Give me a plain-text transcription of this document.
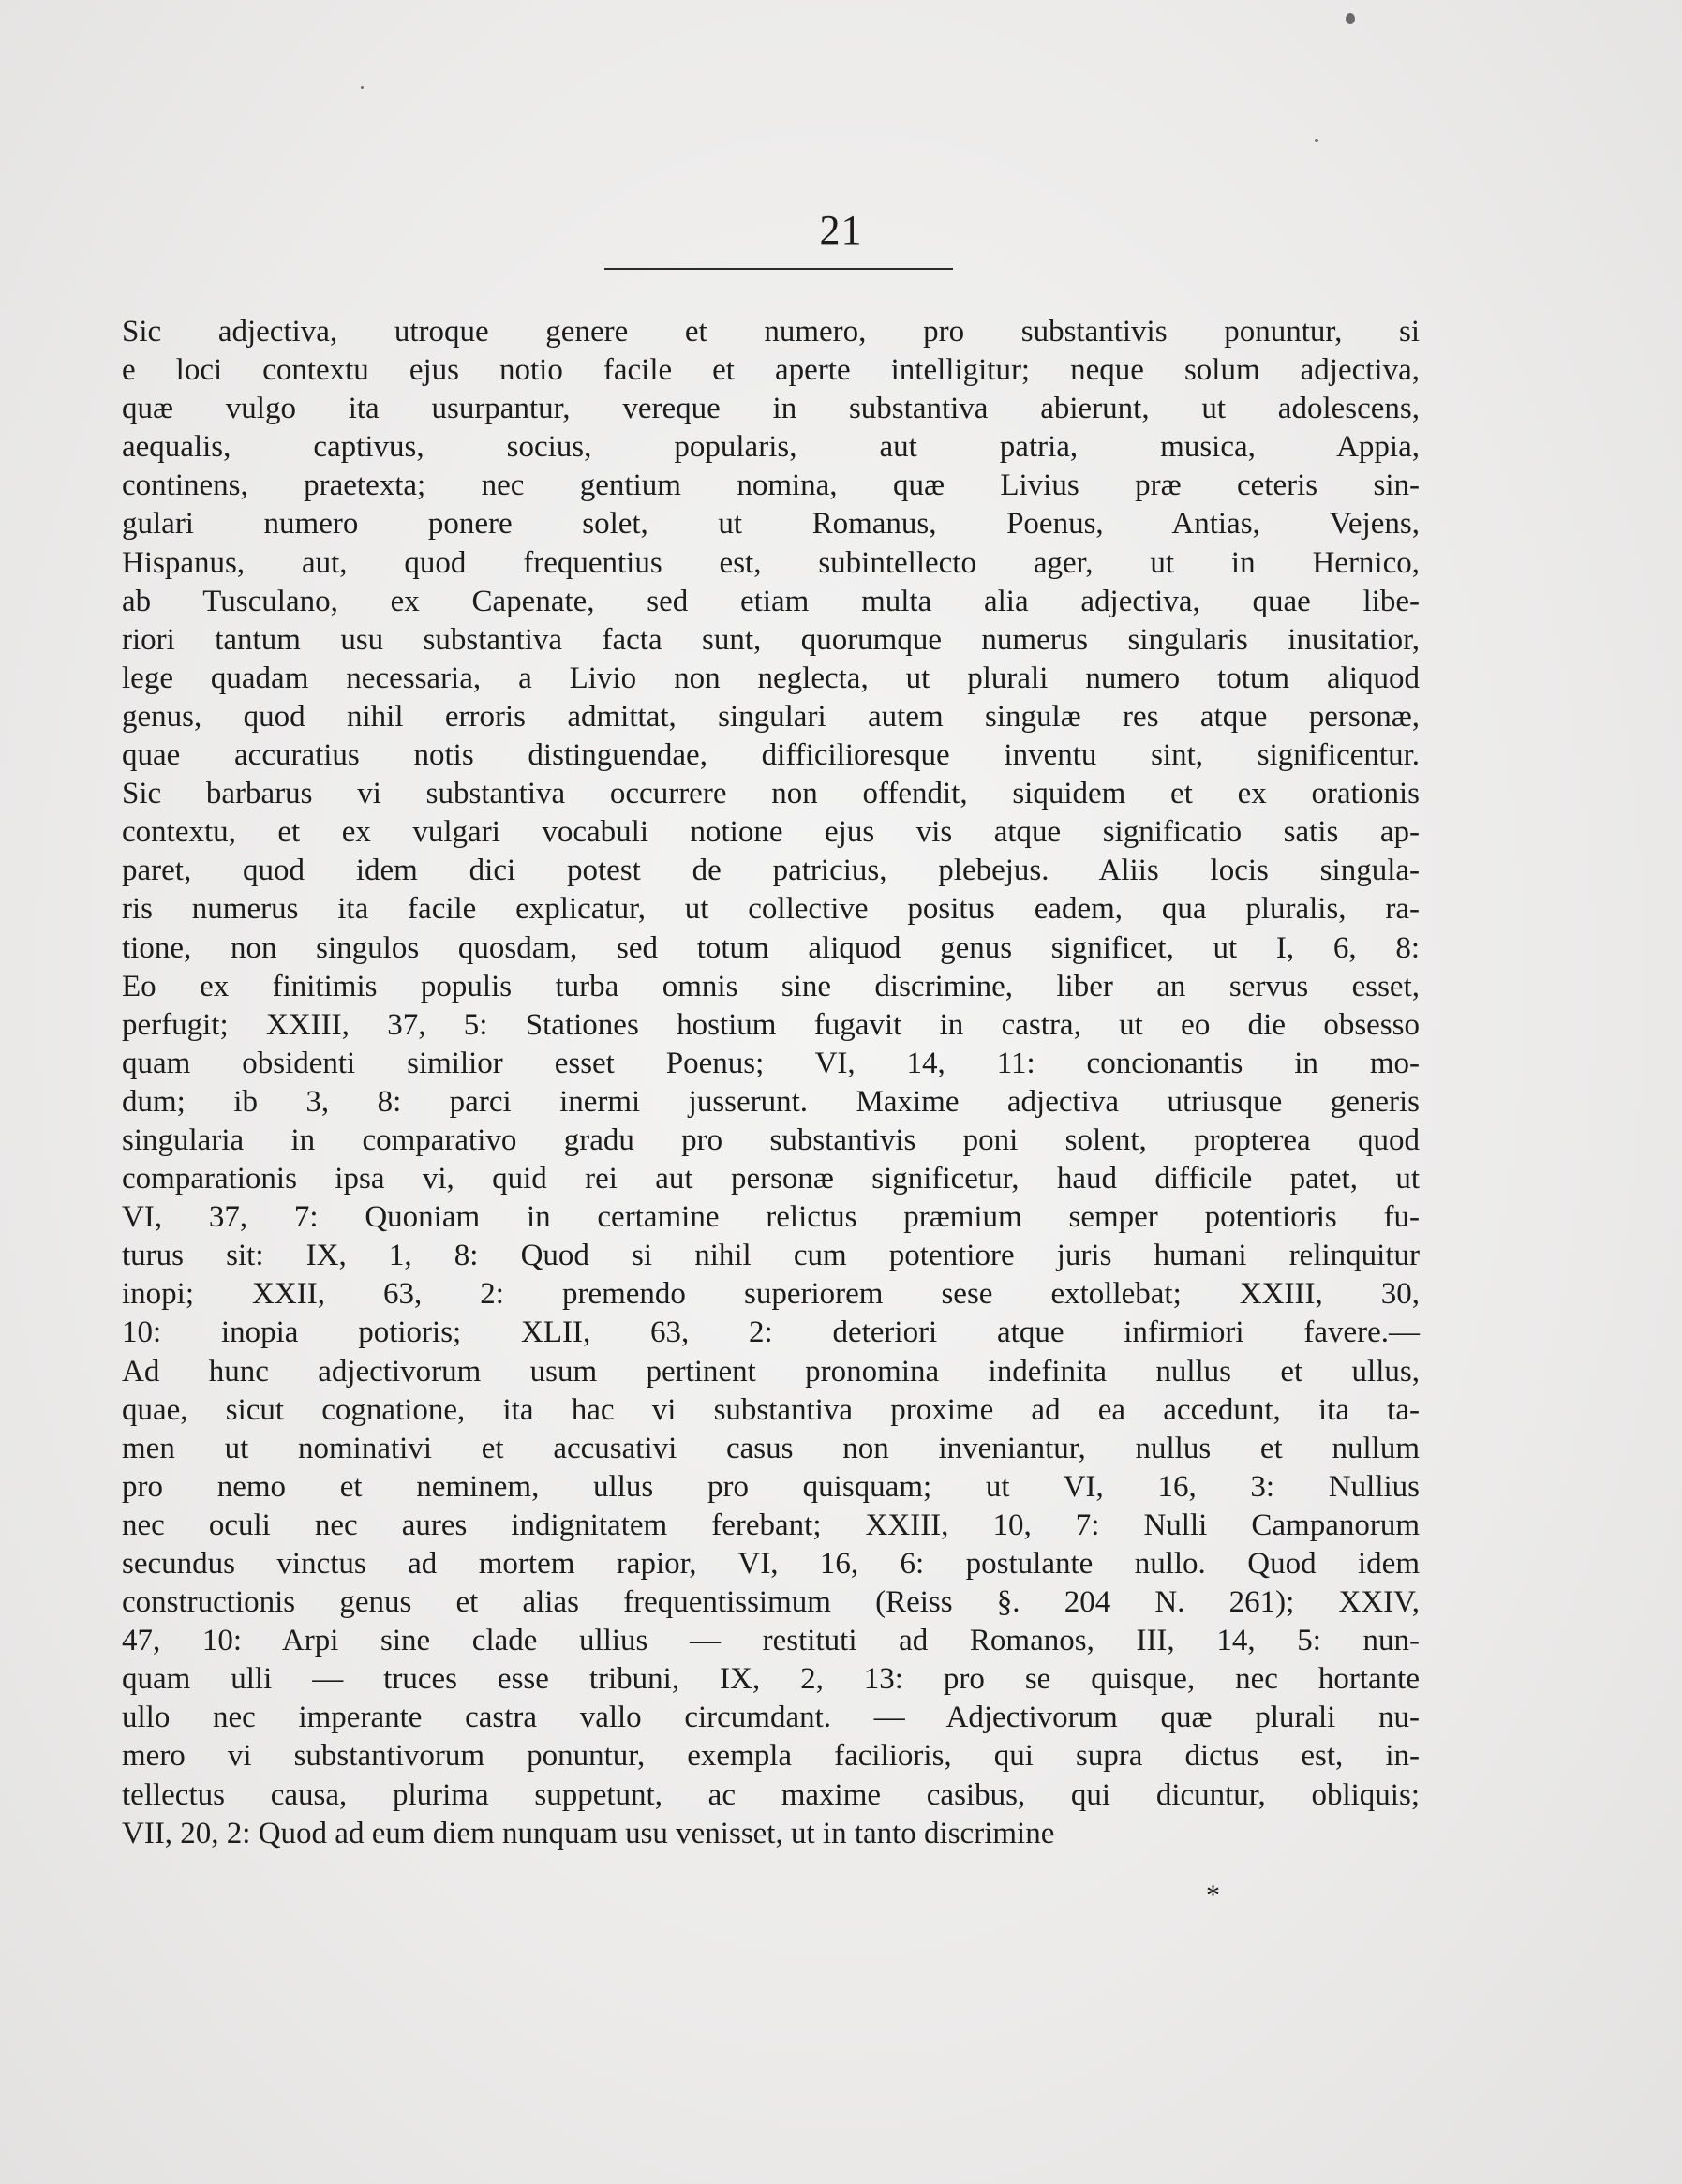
21
Sic adjectiva, utroque genere et numero, pro substantivis ponuntur, si
e loci contextu ejus notio facile et aperte intelligitur; neque solum adjectiva,
quæ vulgo ita usurpantur, vereque in substantiva abierunt, ut adolescens,
aequalis, captivus, socius, popularis, aut patria, musica, Appia,
continens, praetexta; nec gentium nomina, quæ Livius præ ceteris sin-
gulari numero ponere solet, ut Romanus, Poenus, Antias, Vejens,
Hispanus, aut, quod frequentius est, subintellecto ager, ut in Hernico,
ab Tusculano, ex Capenate, sed etiam multa alia adjectiva, quae libe-
riori tantum usu substantiva facta sunt, quorumque numerus singularis inusitatior,
lege quadam necessaria, a Livio non neglecta, ut plurali numero totum aliquod
genus, quod nihil erroris admittat, singulari autem singulæ res atque personæ,
quae accuratius notis distinguendae, difficilioresque inventu sint, significentur.
Sic barbarus vi substantiva occurrere non offendit, siquidem et ex orationis
contextu, et ex vulgari vocabuli notione ejus vis atque significatio satis ap-
paret, quod idem dici potest de patricius, plebejus. Aliis locis singula-
ris numerus ita facile explicatur, ut collective positus eadem, qua pluralis, ra-
tione, non singulos quosdam, sed totum aliquod genus significet, ut I, 6, 8:
Eo ex finitimis populis turba omnis sine discrimine, liber an servus esset,
perfugit; XXIII, 37, 5: Stationes hostium fugavit in castra, ut eo die obsesso
quam obsidenti similior esset Poenus; VI, 14, 11: concionantis in mo-
dum; ib 3, 8: parci inermi jusserunt. Maxime adjectiva utriusque generis
singularia in comparativo gradu pro substantivis poni solent, propterea quod
comparationis ipsa vi, quid rei aut personæ significetur, haud difficile patet, ut
VI, 37, 7: Quoniam in certamine relictus præmium semper potentioris fu-
turus sit: IX, 1, 8: Quod si nihil cum potentiore juris humani relinquitur
inopi; XXII, 63, 2: premendo superiorem sese extollebat; XXIII, 30,
10: inopia potioris; XLII, 63, 2: deteriori atque infirmiori favere.—
Ad hunc adjectivorum usum pertinent pronomina indefinita nullus et ullus,
quae, sicut cognatione, ita hac vi substantiva proxime ad ea accedunt, ita ta-
men ut nominativi et accusativi casus non inveniantur, nullus et nullum
pro nemo et neminem, ullus pro quisquam; ut VI, 16, 3: Nullius
nec oculi nec aures indignitatem ferebant; XXIII, 10, 7: Nulli Campanorum
secundus vinctus ad mortem rapior, VI, 16, 6: postulante nullo. Quod idem
constructionis genus et alias frequentissimum (Reiss §. 204 N. 261); XXIV,
47, 10: Arpi sine clade ullius — restituti ad Romanos, III, 14, 5: nun-
quam ulli — truces esse tribuni, IX, 2, 13: pro se quisque, nec hortante
ullo nec imperante castra vallo circumdant. — Adjectivorum quæ plurali nu-
mero vi substantivorum ponuntur, exempla facilioris, qui supra dictus est, in-
tellectus causa, plurima suppetunt, ac maxime casibus, qui dicuntur, obliquis;
VII, 20, 2: Quod ad eum diem nunquam usu venisset, ut in tanto discrimine
*
